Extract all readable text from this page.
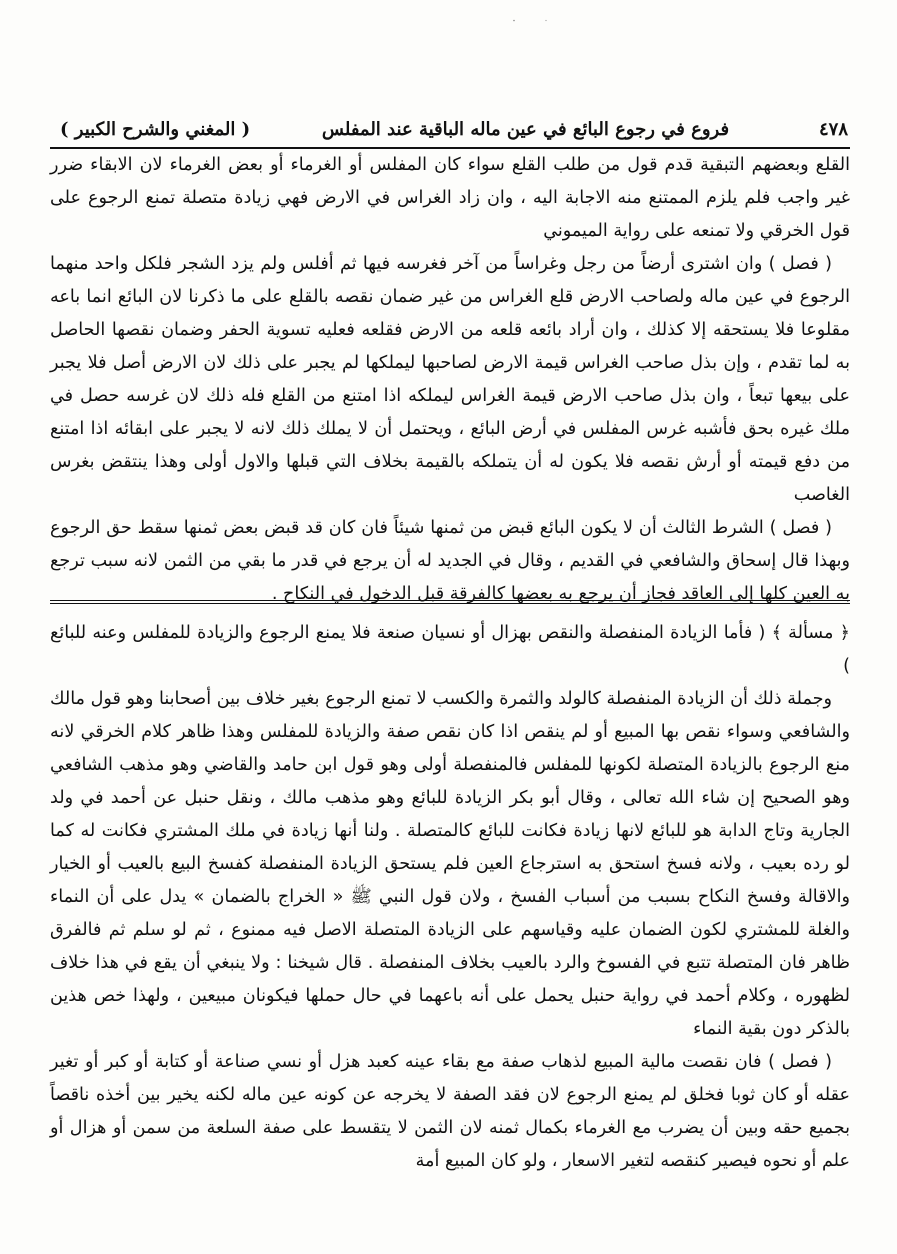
٤٧٨
فروع في رجوع البائع في عين ماله الباقية عند المفلس
( المغني والشرح الكبير )

القلع وبعضهم التبقية قدم قول من طلب القلع سواء كان المفلس أو الغرماء أو بعض الغرماء لان الابقاء ضرر غير واجب فلم يلزم الممتنع منه الاجابة اليه ، وان زاد الغراس في الارض فهي زيادة متصلة تمنع الرجوع على قول الخرقي ولا تمنعه على رواية الميموني

( فصل ) وان اشترى أرضاً من رجل وغراساً من آخر فغرسه فيها ثم أفلس ولم يزد الشجر فلكل واحد منهما الرجوع في عين ماله ولصاحب الارض قلع الغراس من غير ضمان نقصه بالقلع على ما ذكرنا لان البائع انما باعه مقلوعا فلا يستحقه إلا كذلك ، وان أراد بائعه قلعه من الارض فقلعه فعليه تسوية الحفر وضمان نقصها الحاصل به لما تقدم ، وإن بذل صاحب الغراس قيمة الارض لصاحبها ليملكها لم يجبر على ذلك لان الارض أصل فلا يجبر على بيعها تبعاً ، وان بذل صاحب الارض قيمة الغراس ليملكه اذا امتنع من القلع فله ذلك لان غرسه حصل في ملك غيره بحق فأشبه غرس المفلس في أرض البائع ، ويحتمل أن لا يملك ذلك لانه لا يجبر على ابقائه اذا امتنع من دفع قيمته أو أرش نقصه فلا يكون له أن يتملكه بالقيمة بخلاف التي قبلها والاول أولى وهذا ينتقض بغرس الغاصب

( فصل ) الشرط الثالث أن لا يكون البائع قبض من ثمنها شيئاً فان كان قد قبض بعض ثمنها سقط حق الرجوع وبهذا قال إسحاق والشافعي في القديم ، وقال في الجديد له أن يرجع في قدر ما بقي من الثمن لانه سبب ترجع به العين كلها إلى العاقد فجاز أن يرجع به بعضها كالفرقة قبل الدخول في النكاح .

﴿ مسألة ﴾ ( فأما الزيادة المنفصلة والنقص بهزال أو نسيان صنعة فلا يمنع الرجوع والزيادة للمفلس وعنه للبائع )

وجملة ذلك أن الزيادة المنفصلة كالولد والثمرة والكسب لا تمنع الرجوع بغير خلاف بين أصحابنا وهو قول مالك والشافعي وسواء نقص بها المبيع أو لم ينقص اذا كان نقص صفة والزيادة للمفلس وهذا ظاهر كلام الخرقي لانه منع الرجوع بالزيادة المتصلة لكونها للمفلس فالمنفصلة أولى وهو قول ابن حامد والقاضي وهو مذهب الشافعي وهو الصحيح إن شاء الله تعالى ، وقال أبو بكر الزيادة للبائع وهو مذهب مالك ، ونقل حنبل عن أحمد في ولد الجارية وتاج الدابة هو للبائع لانها زيادة فكانت للبائع كالمتصلة . ولنا أنها زيادة في ملك المشتري فكانت له كما لو رده بعيب ، ولانه فسخ استحق به استرجاع العين فلم يستحق الزيادة المنفصلة كفسخ البيع بالعيب أو الخيار والاقالة وفسخ النكاح بسبب من أسباب الفسخ ، ولان قول النبي ﷺ « الخراج بالضمان » يدل على أن النماء والغلة للمشتري لكون الضمان عليه وقياسهم على الزيادة المتصلة الاصل فيه ممنوع ، ثم لو سلم ثم فالفرق ظاهر فان المتصلة تتبع في الفسوخ والرد بالعيب بخلاف المنفصلة . قال شيخنا : ولا ينبغي أن يقع في هذا خلاف لظهوره ، وكلام أحمد في رواية حنبل يحمل على أنه باعهما في حال حملها فيكونان مبيعين ، ولهذا خص هذين بالذكر دون بقية النماء

( فصل ) فان نقصت مالية المبيع لذهاب صفة مع بقاء عينه كعبد هزل أو نسي صناعة أو كتابة أو كبر أو تغير عقله أو كان ثوبا فخلق لم يمنع الرجوع لان فقد الصفة لا يخرجه عن كونه عين ماله لكنه يخير بين أخذه ناقصاً بجميع حقه وبين أن يضرب مع الغرماء بكمال ثمنه لان الثمن لا يتقسط على صفة السلعة من سمن أو هزال أو علم أو نحوه فيصير كنقصه لتغير الاسعار ، ولو كان المبيع أمة
